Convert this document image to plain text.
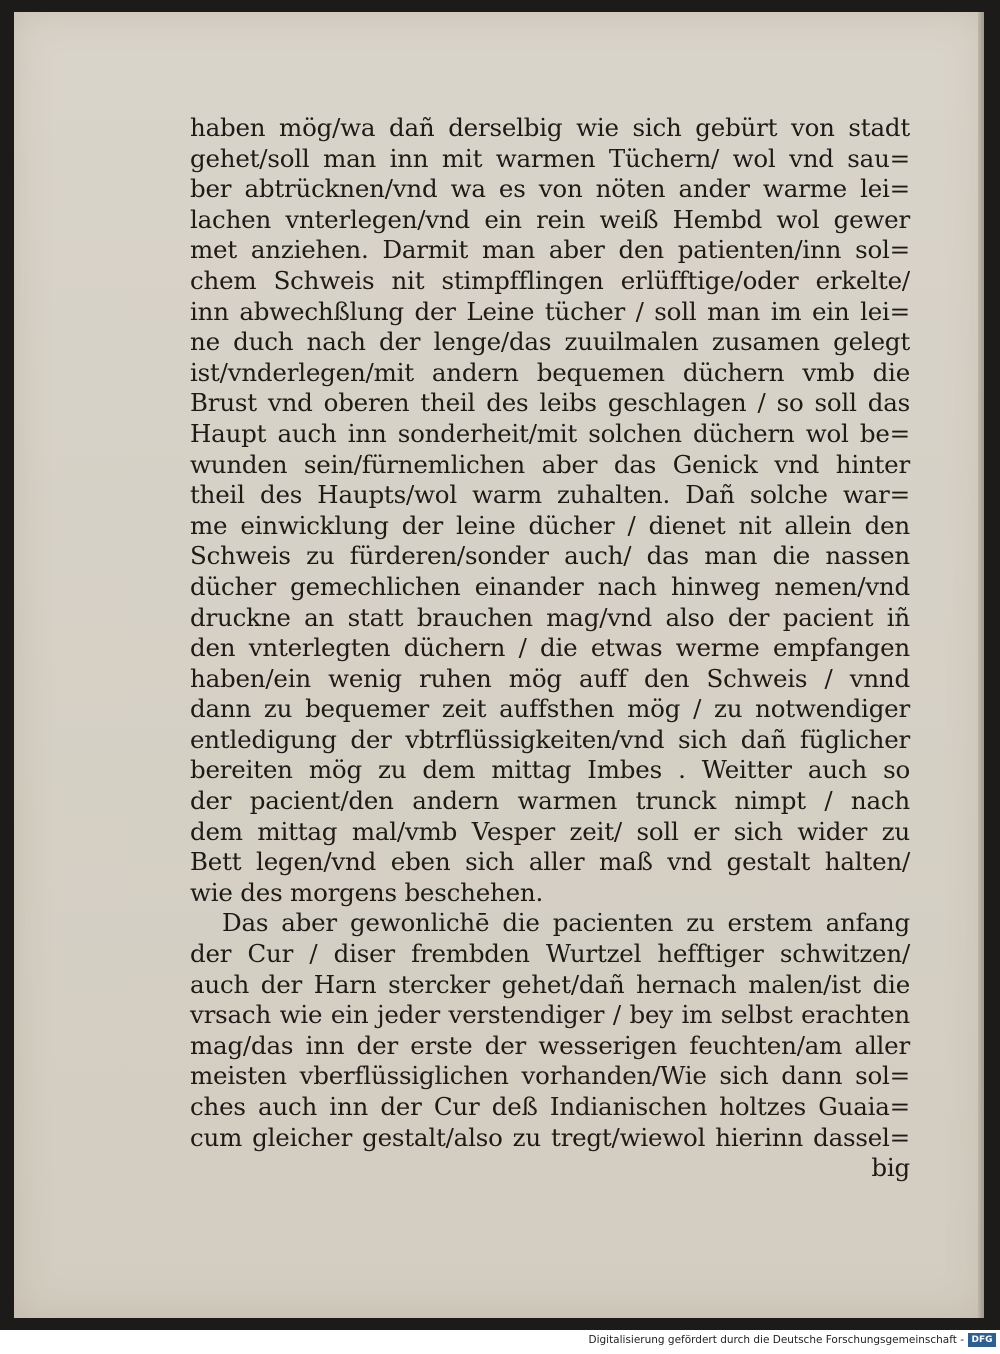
haben mög/wa dañ derselbig wie sich gebürt von stadt
gehet/soll man inn mit warmen Tüchern/ wol vnd sau=
ber abtrücknen/vnd wa es von nöten ander warme lei=
lachen vnterlegen/vnd ein rein weiß Hembd wol gewer
met anziehen. Darmit man aber den patienten/inn sol=
chem Schweis nit stimpfflingen erlüfftige/oder erkelte/
inn abwechßlung der Leine tücher / soll man im ein lei=
ne duch nach der lenge/das zuuilmalen zusamen gelegt
ist/vnderlegen/mit andern bequemen düchern vmb die
Brust vnd oberen theil des leibs geschlagen / so soll das
Haupt auch inn sonderheit/mit solchen düchern wol be=
wunden sein/fürnemlichen aber das Genick vnd hinter
theil des Haupts/wol warm zuhalten. Dañ solche war=
me einwicklung der leine dücher / dienet nit allein den
Schweis zu fürderen/sonder auch/ das man die nassen
dücher gemechlichen einander nach hinweg nemen/vnd
druckne an statt brauchen mag/vnd also der pacient iñ
den vnterlegten düchern / die etwas werme empfangen
haben/ein wenig ruhen mög auff den Schweis / vnnd
dann zu bequemer zeit auffsthen mög / zu notwendiger
entledigung der vbtrflüssigkeiten/vnd sich dañ füglicher
bereiten mög zu dem mittag Imbes . Weitter auch so
der pacient/den andern warmen trunck nimpt / nach
dem mittag mal/vmb Vesper zeit/ soll er sich wider zu
Bett legen/vnd eben sich aller maß vnd gestalt halten/
wie des morgens beschehen.
Das aber gewonlichē die pacienten zu erstem anfang
der Cur / diser frembden Wurtzel hefftiger schwitzen/
auch der Harn stercker gehet/dañ hernach malen/ist die
vrsach wie ein jeder verstendiger / bey im selbst erachten
mag/das inn der erste der wesserigen feuchten/am aller
meisten vberflüssiglichen vorhanden/Wie sich dann sol=
ches auch inn der Cur deß Indianischen holtzes Guaia=
cum gleicher gestalt/also zu tregt/wiewol hierinn dassel=
big
Digitalisierung gefördert durch die Deutsche Forschungsgemeinschaft - DFG
